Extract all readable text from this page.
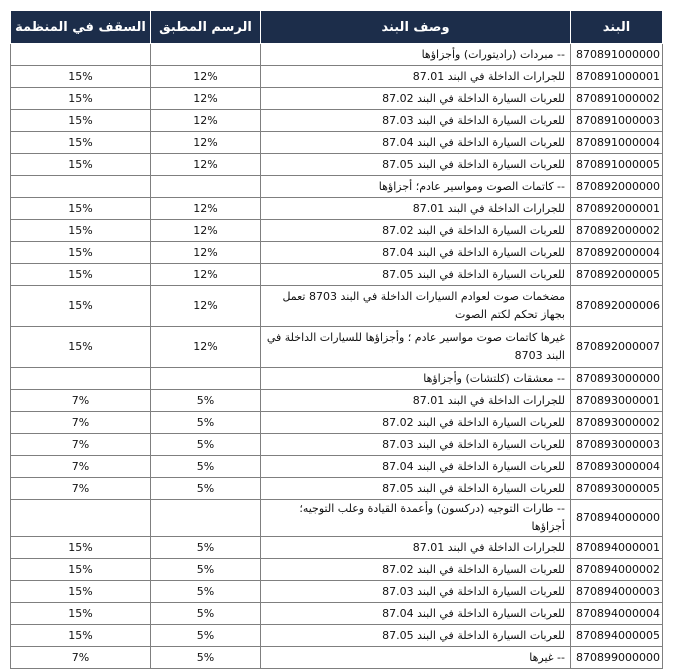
البند	وصف البند	الرسم المطبق	السقف في المنظمة
870891000000	-- مبردات (راديتورات) وأجزاؤها		
870891000001	للجرارات الداخلة في البند 87.01	12%	15%
870891000002	للعربات السيارة الداخلة في البند 87.02	12%	15%
870891000003	للعربات السيارة الداخلة في البند 87.03	12%	15%
870891000004	للعربات السيارة الداخلة في البند 87.04	12%	15%
870891000005	للعربات السيارة الداخلة في البند 87.05	12%	15%
870892000000	-- كاتمات الصوت ومواسير عادم؛ أجزاؤها		
870892000001	للجرارات الداخلة في البند 87.01	12%	15%
870892000002	للعربات السيارة الداخلة في البند 87.02	12%	15%
870892000004	للعربات السيارة الداخلة في البند 87.04	12%	15%
870892000005	للعربات السيارة الداخلة في البند 87.05	12%	15%
870892000006	مضخمات صوت لعوادم السيارات الداخلة في البند 8703 تعمل بجهاز تحكم لكتم الصوت	12%	15%
870892000007	غيرها كاتمات صوت مواسير عادم ؛ وأجزاؤها للسيارات الداخلة في البند 8703	12%	15%
870893000000	-- معشقات (كلتشات) وأجزاؤها		
870893000001	للجرارات الداخلة في البند 87.01	5%	7%
870893000002	للعربات السيارة الداخلة في البند 87.02	5%	7%
870893000003	للعربات السيارة الداخلة في البند 87.03	5%	7%
870893000004	للعربات السيارة الداخلة في البند 87.04	5%	7%
870893000005	للعربات السيارة الداخلة في البند 87.05	5%	7%
870894000000	-- طارات التوجيه (دركسون) وأعمدة القيادة وعلب التوجيه؛ أجزاؤها		
870894000001	للجرارات الداخلة في البند 87.01	5%	15%
870894000002	للعربات السيارة الداخلة في البند 87.02	5%	15%
870894000003	للعربات السيارة الداخلة في البند 87.03	5%	15%
870894000004	للعربات السيارة الداخلة في البند 87.04	5%	15%
870894000005	للعربات السيارة الداخلة في البند 87.05	5%	15%
870899000000	-- غيرها	5%	7%
